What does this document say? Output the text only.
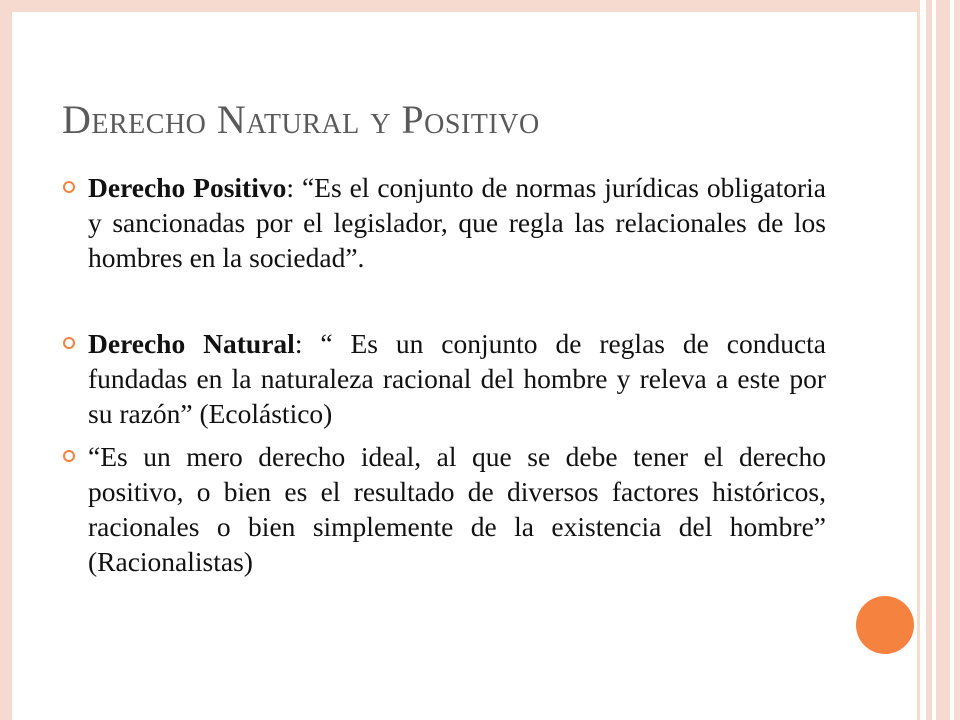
Derecho Natural y Positivo
Derecho Positivo: “Es el conjunto de normas jurídicas obligatoria y sancionadas por el legislador, que regla las relacionales de los hombres en la sociedad”.
Derecho Natural: “ Es un conjunto de reglas de conducta fundadas en la naturaleza racional del hombre y releva a este por su razón” (Ecolástico)
“Es un mero derecho ideal, al que se debe tener el derecho positivo, o bien es el resultado de diversos factores históricos, racionales o bien simplemente de la existencia del hombre” (Racionalistas)
